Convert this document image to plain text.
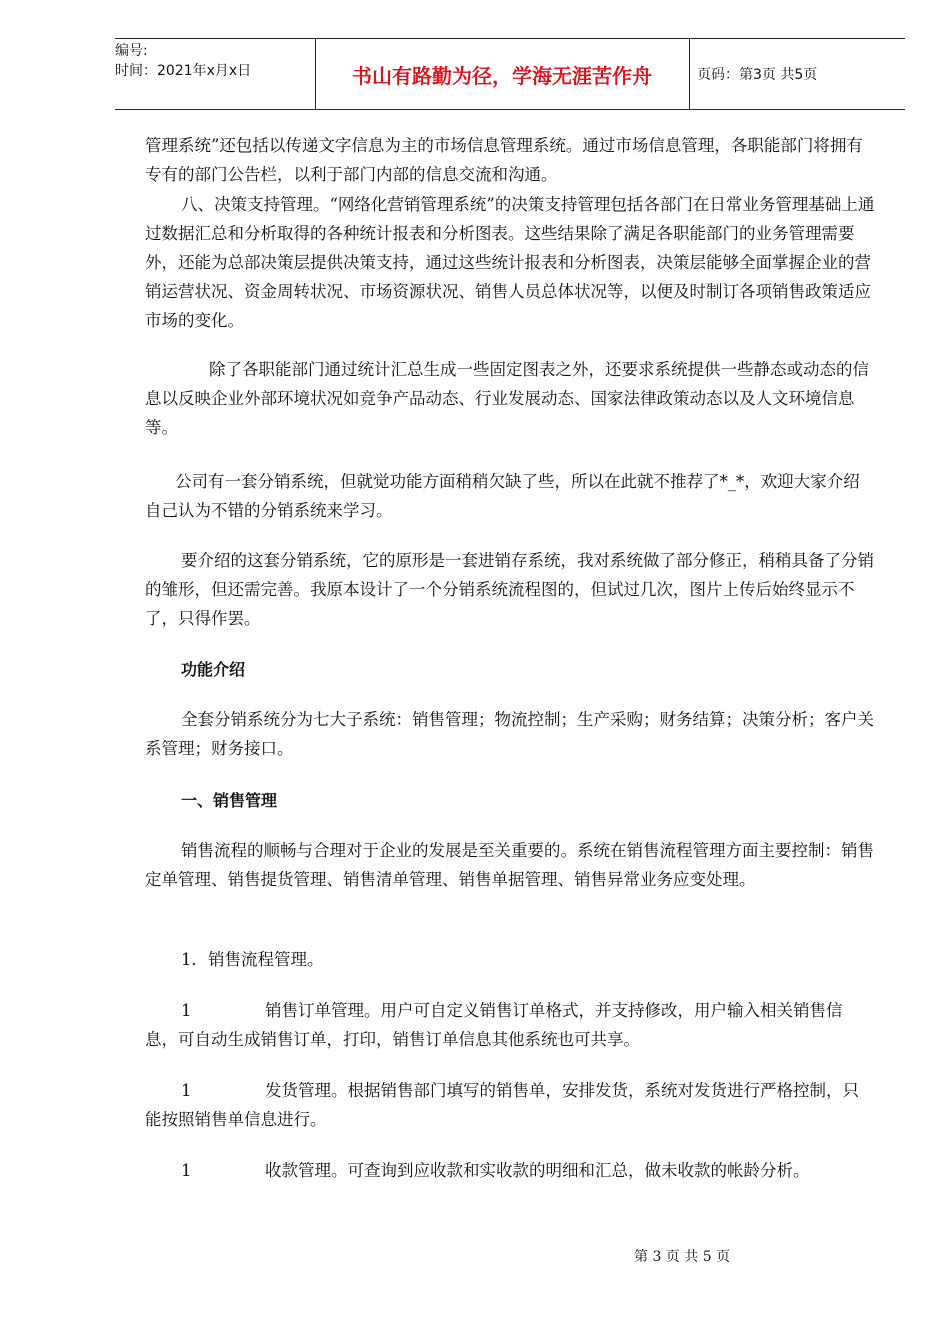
编号:
时间：2021年x月x日	书山有路勤为径，学海无涯苦作舟	页码：第3页 共5页
管理系统”还包括以传递文字信息为主的市场信息管理系统。通过市场信息管理，各职能部门将拥有专有的部门公告栏，以利于部门内部的信息交流和沟通。
八、决策支持管理。“网络化营销管理系统”的决策支持管理包括各部门在日常业务管理基础上通过数据汇总和分析取得的各种统计报表和分析图表。这些结果除了满足各职能部门的业务管理需要外，还能为总部决策层提供决策支持，通过这些统计报表和分析图表，决策层能够全面掌握企业的营销运营状况、资金周转状况、市场资源状况、销售人员总体状况等，以便及时制订各项销售政策适应市场的变化。
除了各职能部门通过统计汇总生成一些固定图表之外，还要求系统提供一些静态或动态的信息以反映企业外部环境状况如竞争产品动态、行业发展动态、国家法律政策动态以及人文环境信息等。
公司有一套分销系统，但就觉功能方面稍稍欠缺了些，所以在此就不推荐了*_*，欢迎大家介绍自己认为不错的分销系统来学习。
要介绍的这套分销系统，它的原形是一套进销存系统，我对系统做了部分修正，稍稍具备了分销的雏形，但还需完善。我原本设计了一个分销系统流程图的，但试过几次，图片上传后始终显示不了，只得作罢。
功能介绍
全套分销系统分为七大子系统：销售管理；物流控制；生产采购；财务结算；决策分析；客户关系管理；财务接口。
一、销售管理
销售流程的顺畅与合理对于企业的发展是至关重要的。系统在销售流程管理方面主要控制：销售定单管理、销售提货管理、销售清单管理、销售单据管理、销售异常业务应变处理。
1．销售流程管理。
1	销售订单管理。用户可自定义销售订单格式，并支持修改，用户输入相关销售信息，可自动生成销售订单，打印，销售订单信息其他系统也可共享。
1	发货管理。根据销售部门填写的销售单，安排发货，系统对发货进行严格控制，只能按照销售单信息进行。
1	收款管理。可查询到应收款和实收款的明细和汇总，做未收款的帐龄分析。
第 3 页 共 5 页
